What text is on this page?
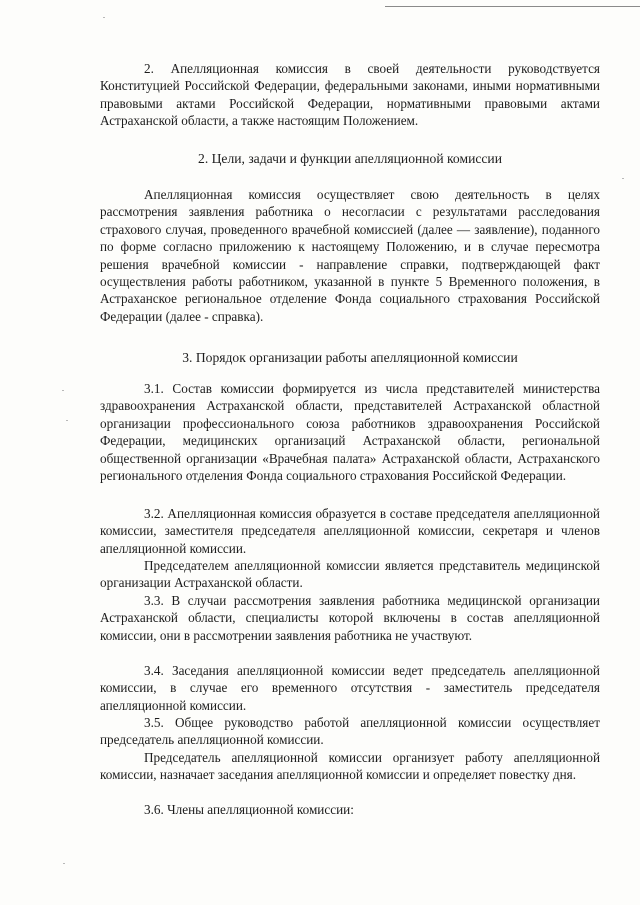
2. Апелляционная комиссия в своей деятельности руководствуется Конституцией Российской Федерации, федеральными законами, иными нормативными правовыми актами Российской Федерации, нормативными правовыми актами Астраханской области, а также настоящим Положением.

2. Цели, задачи и функции апелляционной комиссии

Апелляционная комиссия осуществляет свою деятельность в целях рассмотрения заявления работника о несогласии с результатами расследования страхового случая, проведенного врачебной комиссией (далее — заявление), поданного по форме согласно приложению к настоящему Положению, и в случае пересмотра решения врачебной комиссии - направление справки, подтверждающей факт осуществления работы работником, указанной в пункте 5 Временного положения, в Астраханское региональное отделение Фонда социального страхования Российской Федерации (далее - справка).

3. Порядок организации работы апелляционной комиссии

3.1. Состав комиссии формируется из числа представителей министерства здравоохранения Астраханской области, представителей Астраханской областной организации профессионального союза работников здравоохранения Российской Федерации, медицинских организаций Астраханской области, региональной общественной организации «Врачебная палата» Астраханской области, Астраханского регионального отделения Фонда социального страхования Российской Федерации.

3.2. Апелляционная комиссия образуется в составе председателя апелляционной комиссии, заместителя председателя апелляционной комиссии, секретаря и членов апелляционной комиссии.

Председателем апелляционной комиссии является представитель медицинской организации Астраханской области.

3.3. В случаи рассмотрения заявления работника медицинской организации Астраханской области, специалисты которой включены в состав апелляционной комиссии, они в рассмотрении заявления работника не участвуют.

3.4. Заседания апелляционной комиссии ведет председатель апелляционной комиссии, в случае его временного отсутствия - заместитель председателя апелляционной комиссии.

3.5. Общее руководство работой апелляционной комиссии осуществляет председатель апелляционной комиссии.

Председатель апелляционной комиссии организует работу апелляционной комиссии, назначает заседания апелляционной комиссии и определяет повестку дня.

3.6. Члены апелляционной комиссии:
